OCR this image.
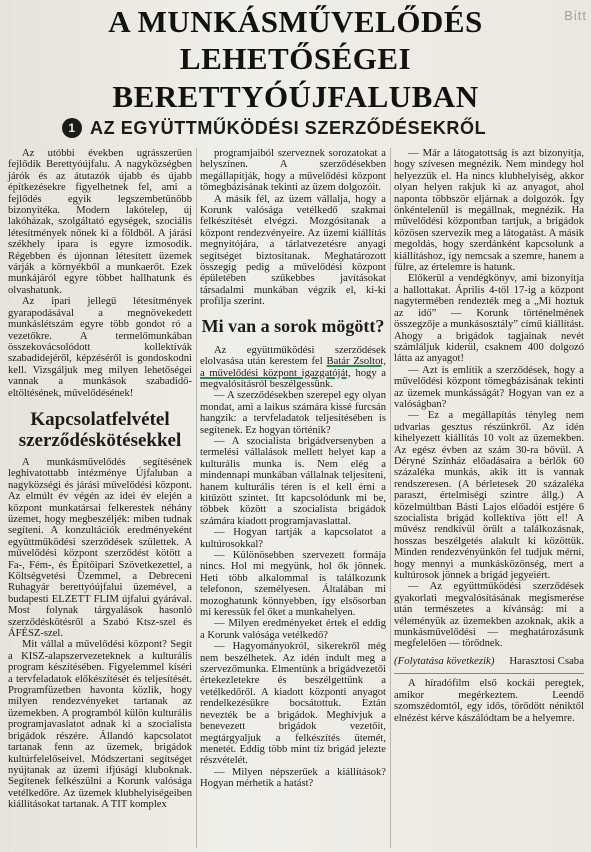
A MUNKÁSMŰVELŐDÉS
LEHETŐSÉGEI BERETTYÓÚJFALUBAN
Bitt
1 AZ EGYÜTTMŰKÖDÉSI SZERZŐDÉSEKRŐL

Az utóbbi években ugrásszerűen fejlődik Berettyóújfalu. A nagyközségben járók és az átutazók újabb és újabb építkezésekre figyelhetnek fel, ami a fejlődés egyik legszembetűnőbb bizonyítéka. Modern lakótelep, új lakóházak, szolgáltató egységek, szociális létesítmények nőnek ki a földből. A járási székhely ipara is egyre izmosodik. Régebben és újonnan létesített üzemek várják a környékből a munkaerőt. Ezek munkájáról egyre többet hallhatunk és olvashatunk.

Az ipari jellegű létesítmények gyarapodásával a megnövekedett munkáslétszám egyre több gondot ró a vezetőkre. A termelőmunkában összekovácsolódott kollektívák szabadidejéről, képzéséről is gondoskodni kell. Vizsgáljuk meg milyen lehetőségei vannak a munkások szabadidő-eltöltésének, művelődésének!

Kapcsolatfelvétel szerződéskötésekkel

A munkásművelődés segítésének leghivatottabb intézménye Újfaluban a nagyközségi és járási művelődési központ. Az elmúlt év végén az idei év elején a központ munkatársai felkerestek néhány üzemet, hogy megbeszéljék: miben tudnak segíteni. A konzultációk eredményeként együttműködési szerződések születtek. A művelődési központ szerződést kötött a Fa-, Fém-, és Építőipari Szövetkezettel, a Költségvetési Üzemmel, a Debreceni Ruhagyár berettyóújfalui üzemével, a budapesti ELZETT FLIM újfalui gyárával. Most folynak tárgyalások hasonló szerződéskötésről a Szabó Ktsz-szel és ÁFÉSZ-szel.

Mit vállal a művelődési központ? Segít a KISZ-alapszervezeteknek a kulturális program készítésében. Figyelemmel kíséri a tervfeladatok előkészítését és teljesítését. Programfüzetben havonta közlik, hogy milyen rendezvényeket tartanak az üzemekben. A programból külön kulturális programjavaslatot adnak ki a szocialista brigádok részére. Állandó kapcsolatot tartanak fenn az üzemek, brigádok kultúrfelelőseivel. Módszertani segítséget nyújtanak az üzemi ifjúsági kluboknak. Segítenek felkészülni a Korunk valósága vetélkedőre. Az üzemek klubhelyiségeiben kiállításokat tartanak. A TIT komplex

programjaiból szerveznek sorozatokat a helyszínen. A szerződésekben megállapítják, hogy a művelődési központ tömegbázisának tekinti az üzem dolgozóit.

A másik fél, az üzem vállalja, hogy a Korunk valósága vetélkedő szakmai felkészítését elvégzi. Mozgósítanak a központ rendezvényeire. Az üzemi kiállítás megnyitójára, a tárlatvezetésre anyagi segítséget biztosítanak. Meghatározott összegig pedig a művelődési központ épületében szűkebbes javításokat társadalmi munkában végzik el, ki-ki profilja szerint.

Mi van a sorok mögött?

Az együttműködési szerződések elolvasása után kerestem fel Batár Zsoltot, a művelődési központ igazgatóját, hogy a megvalósításról beszélgessünk.

— A szerződésekben szerepel egy olyan mondat, ami a laikus számára kissé furcsán hangzik: a tervfeladatok teljesítésében is segítenek. Ez hogyan történik?

— A szocialista brigádversenyben a termelési vállalások mellett helyet kap a kulturális munka is. Nem elég a mindennapi munkában vállalnak teljesíteni, hanem kulturális téren is el kell érni a kitűzött szintet. Itt kapcsolódunk mi be, többek között a szocialista brigádok számára kiadott programjavaslattal.

— Hogyan tartják a kapcsolatot a kultúrosokkal?

— Különösebben szervezett formája nincs. Hol mi megyünk, hol ők jönnek. Heti több alkalommal is találkozunk telefonon, személyesen. Általában mi mozoghatunk könnyebben, így elsősorban mi keressük fel őket a munkahelyen.

— Milyen eredményeket értek el eddig a Korunk valósága vetélkedő?

— Hagyományokról, sikerekről még nem beszélhetek. Az idén indult meg a szervezőmunka. Elmentünk a brigádvezetői értekezletekre és beszélgettünk a vetélkedőről. A kiadott központi anyagot rendelkezésükre bocsátottuk. Eztán nevezték be a brigádok. Meghívjuk a benevezett brigádok vezetőit, megtárgyaljuk a felkészítés ütemét, menetét. Eddig több mint tíz brigád jelezte részvételét.

— Milyen népszerűek a kiállítások? Hogyan mérhetik a hatást?

— Már a látogatottság is azt bizonyítja, hogy szívesen megnézik. Nem mindegy hol helyezzük el. Ha nincs klubhelyiség, akkor olyan helyen rakjuk ki az anyagot, ahol naponta többször eljárnak a dolgozók. Így önkéntelenül is megállnak, megnézik. Ha művelődési központban tartjuk, a brigádok közösen szervezik meg a látogatást. A másik megoldás, hogy szerdánként kapcsolunk a kiállításhoz, így nemcsak a szemre, hanem a fülre, az értelemre is hatunk.

Előkerül a vendégkönyv, ami bizonyítja a hallottakat. Április 4-től 17-ig a központ nagytermében rendezték meg a „Mi hoztuk az idő” — Korunk történelmének összegzője a munkásosztály” című kiállítást. Ahogy a brigádok tagjainak nevét számláljuk kiderül, csaknem 400 dolgozó látta az anyagot!

— Azt is említik a szerződések, hogy a művelődési központ tömegbázisának tekinti az üzemek munkásságát? Hogyan van ez a valóságban?

— Ez a megállapítás tényleg nem udvarias gesztus részünkről. Az idén kihelyezett kiállítás 10 volt az üzemekben. Az egész évben az szám 30-ra bővül. A Déryné Színház előadásaira a bérlők 60 százaléka munkás, akik itt is vannak rendszeresen. (A bérletesek 20 százaléka paraszt, értelmiségi szintre állg.) A közelmúltban Básti Lajos előadói estjére 6 szocialista brigád kollektíva jött el! A művész rendkívül örült a találkozásnak, hosszas beszélgetés alakult ki közöttük. Minden rendezvényünkön fel tudjuk mérni, hogy mennyi a munkásközönség, mert a kultúrosok jönnek a brigád jegyeiért.

— Az együttműködési szerződések gyakorlati megvalósításának megismerése után természetes a kívánság: mi a véleményük az üzemekben azoknak, akik a munkásművelődési — meghatározásunk megfelelően — törődnek.

(Folytatása következik) Harasztosi Csaba

A híradófilm első kockái peregtek, amikor megérkeztem. Leendő szomszédomtól, egy idős, törődött néniktől elnézést kérve kászálódtam be a helyemre.
